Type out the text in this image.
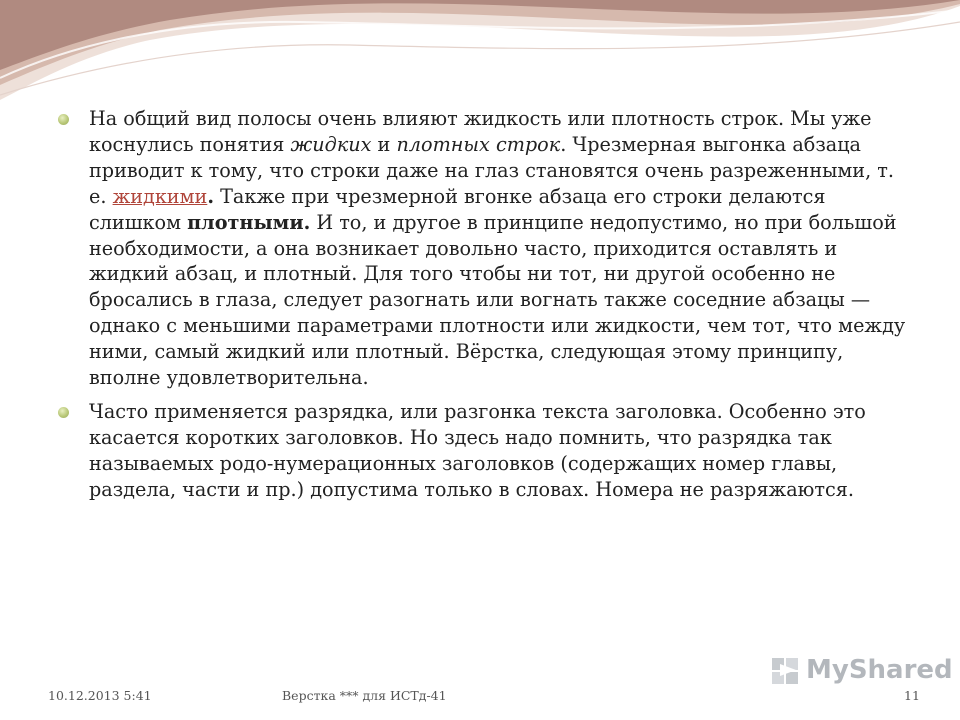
На общий вид полосы очень влияют жидкость или плотность строк. Мы уже коснулись понятия жидких и плотных строк. Чрезмерная выгонка абзаца приводит к тому, что строки даже на глаз становятся очень разреженными, т. е. жидкими. Также при чрезмерной вгонке абзаца его строки делаются слишком плотными. И то, и другое в принципе недопустимо, но при большой необходимости, а она возникает довольно часто, приходится оставлять и жидкий абзац, и плотный. Для того чтобы ни тот, ни другой особенно не бросались в глаза, следует разогнать или вогнать также соседние абзацы — однако с меньшими параметрами плотности или жидкости, чем тот, что между ними, самый жидкий или плотный. Вёрстка, следующая этому принципу, вполне удовлетворительна.

Часто применяется разрядка, или разгонка текста заголовка. Особенно это касается коротких заголовков. Но здесь надо помнить, что разрядка так называемых родо-нумерационных заголовков (содержащих номер главы, раздела, части и пр.) допустима только в словах. Номера не разряжаются.

10.12.2013 5:41	Верстка *** для ИСТд-41	11
MyShared
